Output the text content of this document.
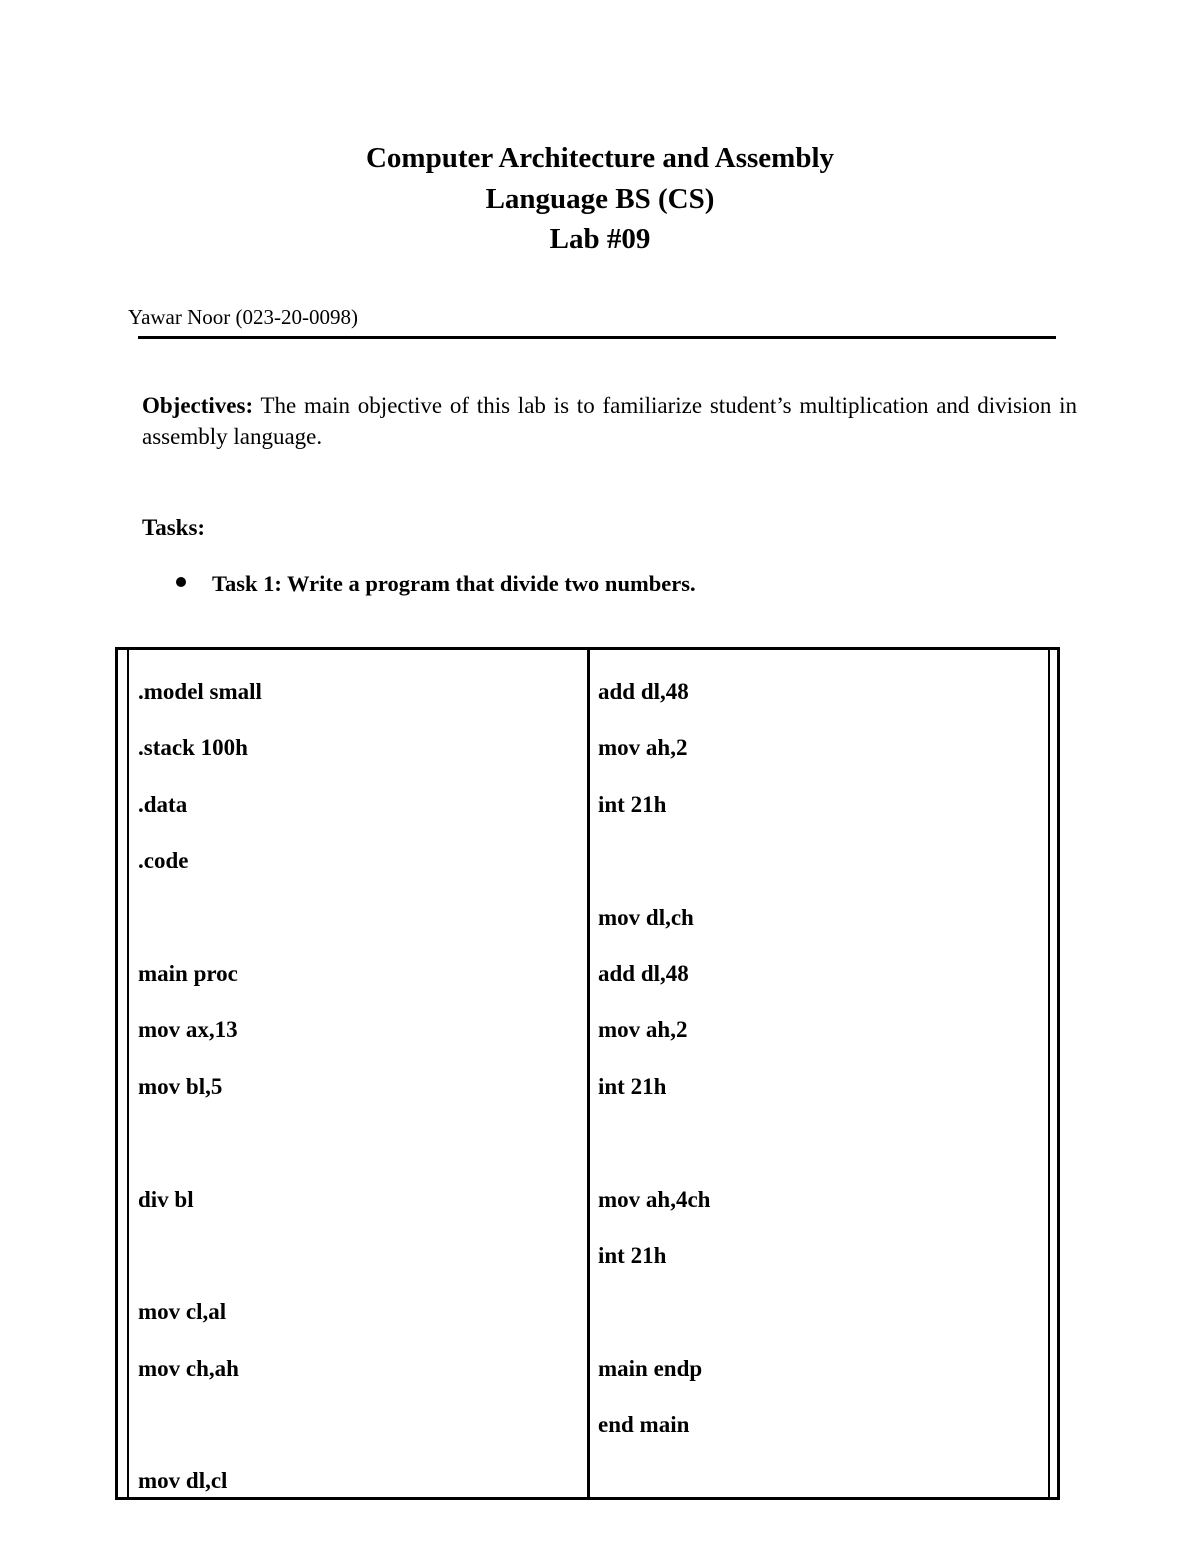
Computer Architecture and Assembly
Language BS (CS)
Lab #09
Yawar Noor (023-20-0098)
Objectives: The main objective of this lab is to familiarize student’s multiplication and division in assembly language.
Tasks:
Task 1: Write a program that divide two numbers.
.model small
.stack 100h
.data
.code
main proc
mov ax,13
mov bl,5
div bl
mov cl,al
mov ch,ah
mov dl,cl
add dl,48
mov ah,2
int 21h
mov dl,ch
add dl,48
mov ah,2
int 21h
mov ah,4ch
int 21h
main endp
end main
